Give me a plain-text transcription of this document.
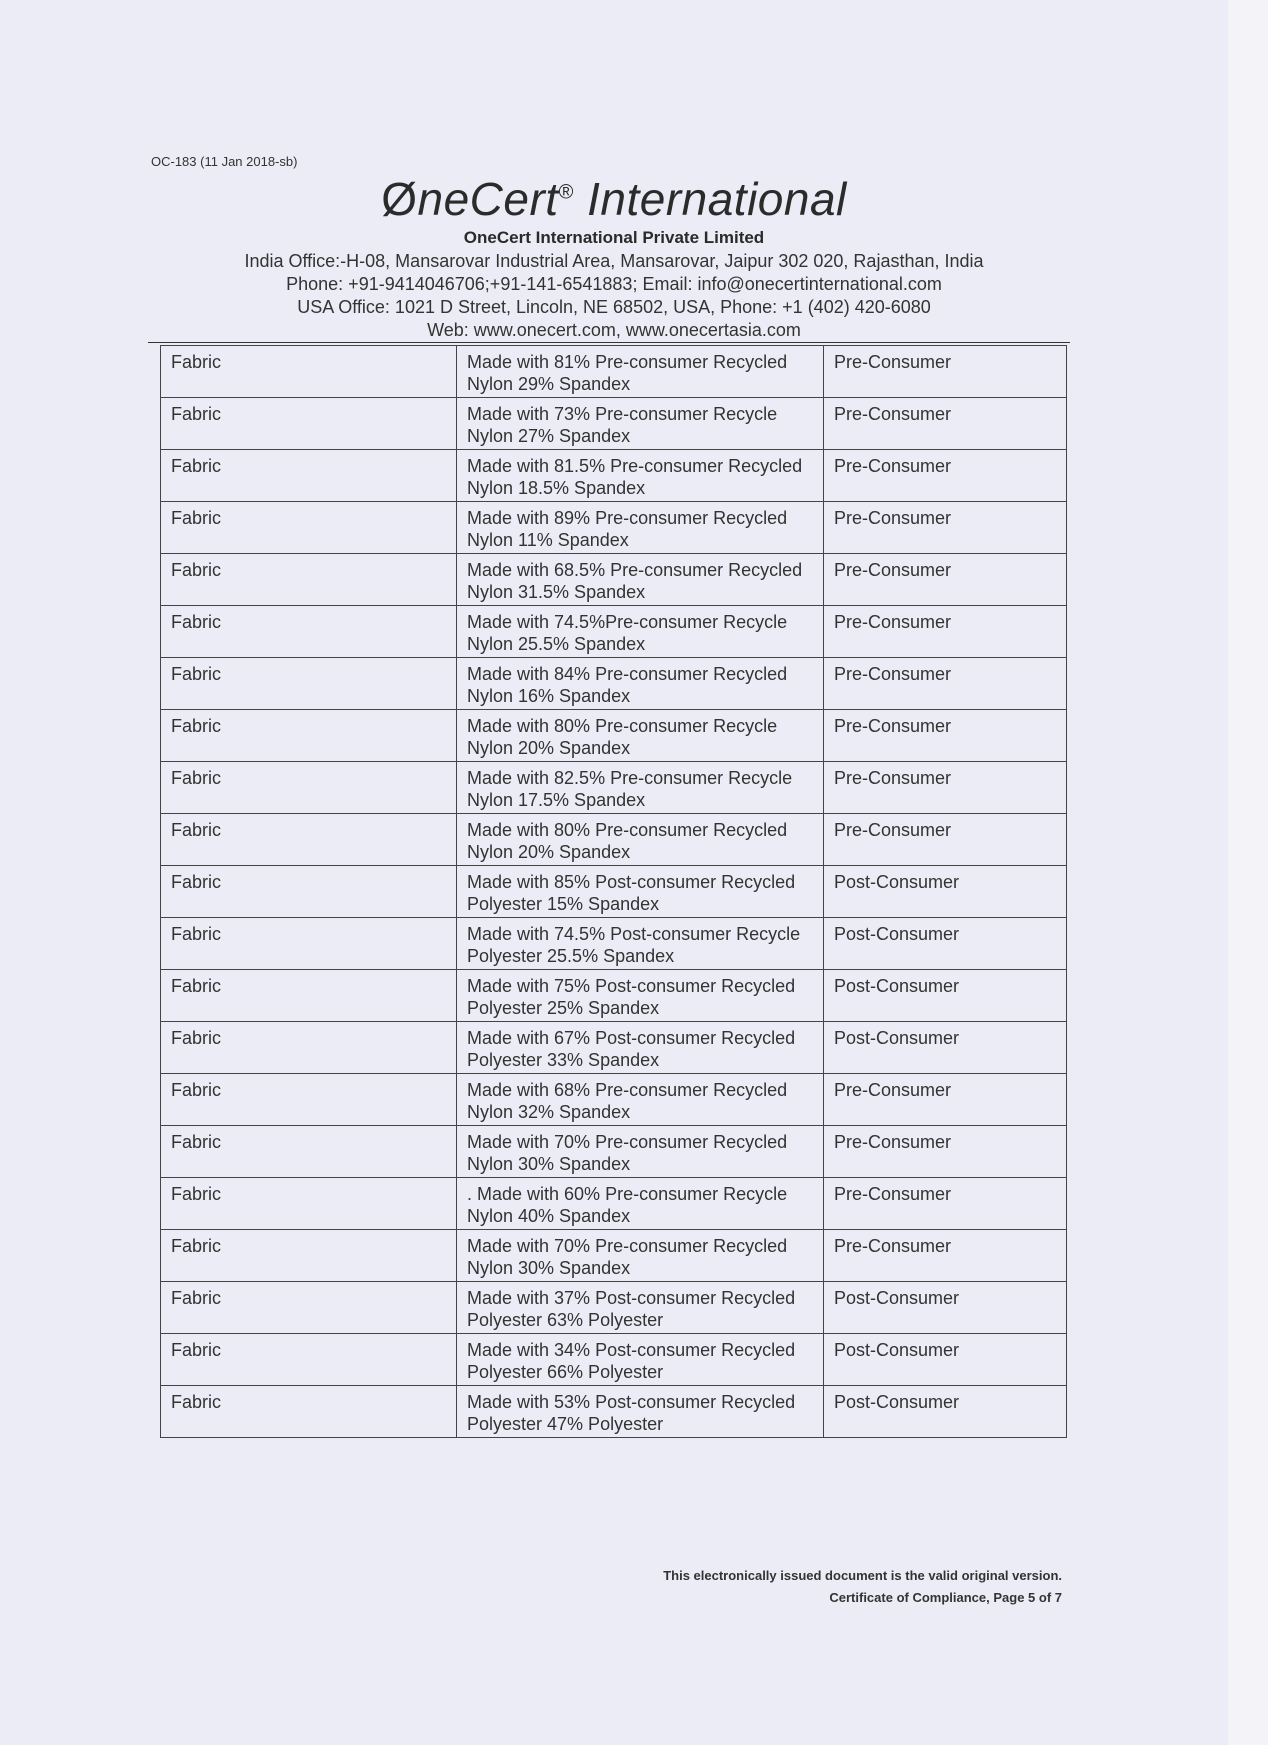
OC-183 (11 Jan 2018-sb)
ØneCert® International
OneCert International Private Limited
India Office:-H-08, Mansarovar Industrial Area, Mansarovar, Jaipur 302 020, Rajasthan, India
Phone: +91-9414046706;+91-141-6541883; Email: info@onecertinternational.com
USA Office: 1021 D Street, Lincoln, NE 68502, USA, Phone: +1 (402) 420-6080
Web: www.onecert.com, www.onecertasia.com
Fabric	Made with 81% Pre-consumer Recycled Nylon 29% Spandex	Pre-Consumer
Fabric	Made with 73% Pre-consumer Recycle Nylon 27% Spandex	Pre-Consumer
Fabric	Made with 81.5% Pre-consumer Recycled Nylon 18.5% Spandex	Pre-Consumer
Fabric	Made with 89% Pre-consumer Recycled Nylon 11% Spandex	Pre-Consumer
Fabric	Made with 68.5% Pre-consumer Recycled Nylon 31.5% Spandex	Pre-Consumer
Fabric	Made with 74.5%Pre-consumer Recycle Nylon 25.5% Spandex	Pre-Consumer
Fabric	Made with 84% Pre-consumer Recycled Nylon 16% Spandex	Pre-Consumer
Fabric	Made with 80% Pre-consumer Recycle Nylon 20% Spandex	Pre-Consumer
Fabric	Made with 82.5% Pre-consumer Recycle Nylon 17.5% Spandex	Pre-Consumer
Fabric	Made with 80% Pre-consumer Recycled Nylon 20% Spandex	Pre-Consumer
Fabric	Made with 85% Post-consumer Recycled Polyester 15% Spandex	Post-Consumer
Fabric	Made with 74.5% Post-consumer Recycle Polyester 25.5% Spandex	Post-Consumer
Fabric	Made with 75% Post-consumer Recycled Polyester 25% Spandex	Post-Consumer
Fabric	Made with 67% Post-consumer Recycled Polyester 33% Spandex	Post-Consumer
Fabric	Made with 68% Pre-consumer Recycled Nylon 32% Spandex	Pre-Consumer
Fabric	Made with 70% Pre-consumer Recycled Nylon 30% Spandex	Pre-Consumer
Fabric	. Made with 60% Pre-consumer Recycle Nylon 40% Spandex	Pre-Consumer
Fabric	Made with 70% Pre-consumer Recycled Nylon 30% Spandex	Pre-Consumer
Fabric	Made with 37% Post-consumer Recycled Polyester 63% Polyester	Post-Consumer
Fabric	Made with 34% Post-consumer Recycled Polyester 66% Polyester	Post-Consumer
Fabric	Made with 53% Post-consumer Recycled Polyester 47% Polyester	Post-Consumer
This electronically issued document is the valid original version.
Certificate of Compliance, Page 5 of 7
